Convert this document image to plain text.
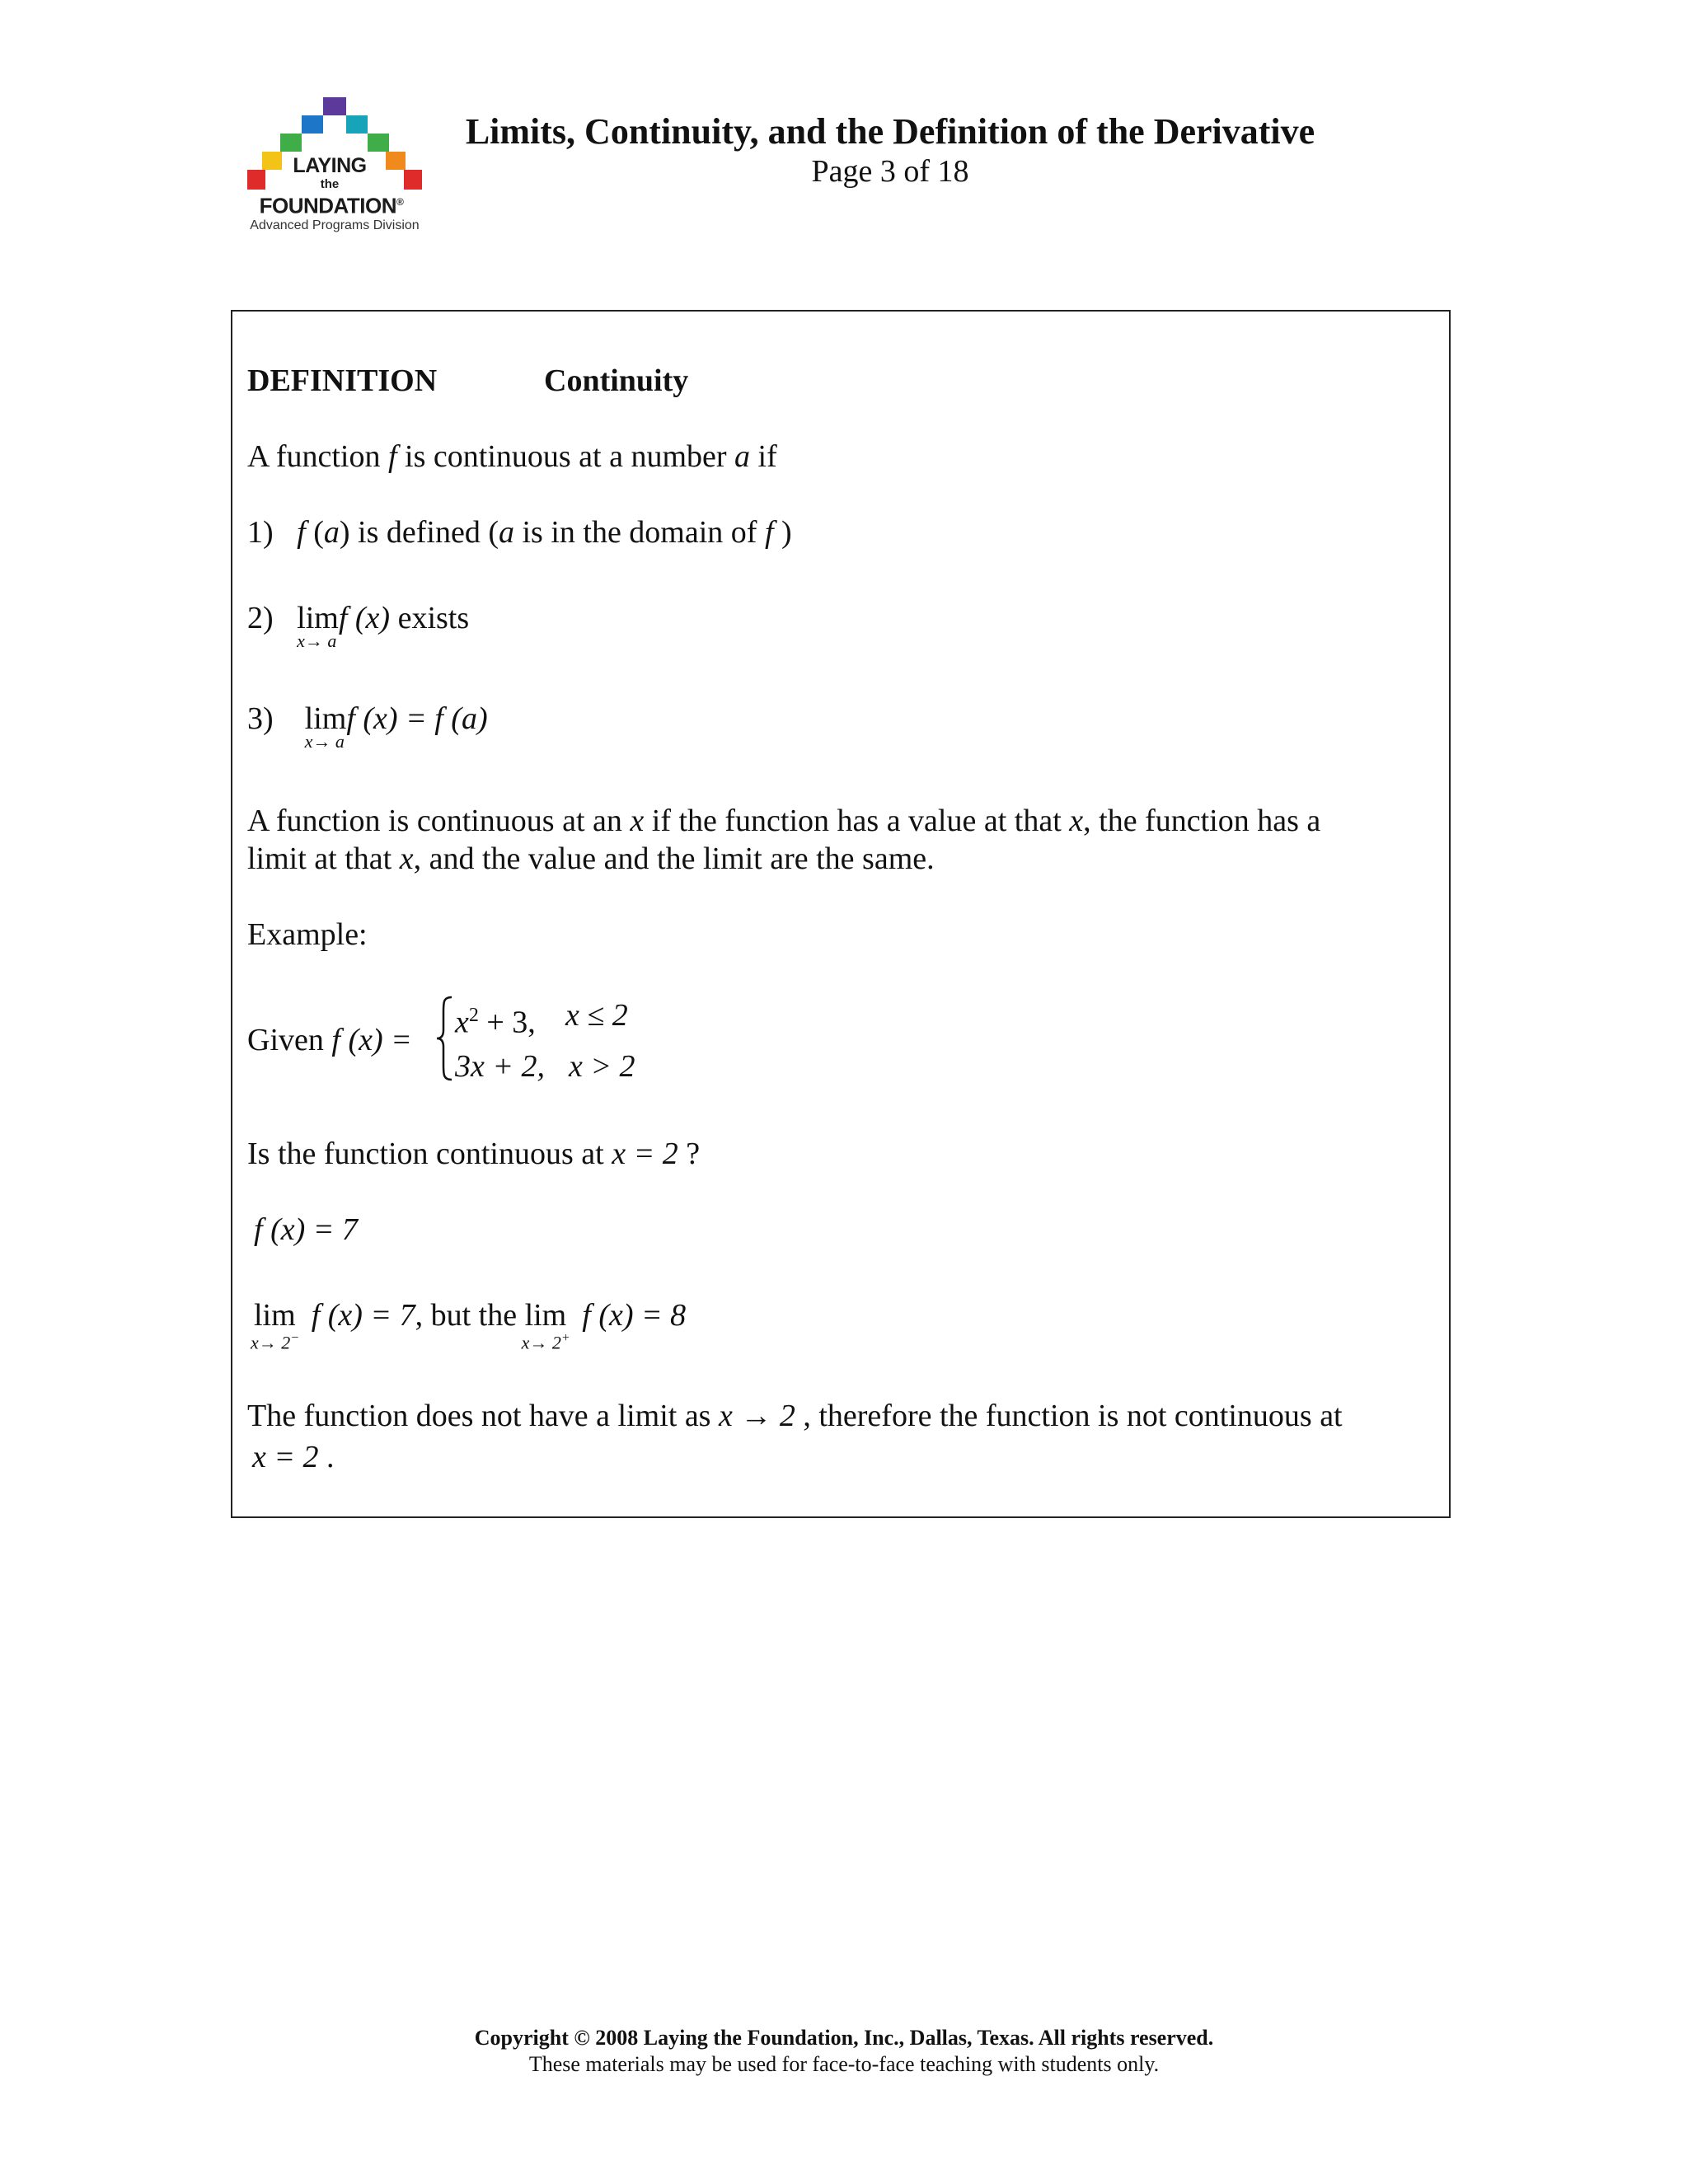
LAYING
the
FOUNDATION®
Advanced Programs Division
Limits, Continuity, and the Definition of the Derivative
Page 3 of 18
DEFINITION	Continuity
A function f is continuous at a number a if
1) f (a) is defined (a is in the domain of f )
2) lim
x→ a
f (x) exists
3) lim
x→ a
f (x) = f (a)
A function is continuous at an x if the function has a value at that x, the function has a
limit at that x, and the value and the limit are the same.
Example:
Given f (x) =
$x^2 + 3$, x ≤ 2
3x + 2, x > 2
Is the function continuous at x = 2 ?
f (x) = 7
lim
x→ 2−
f (x) = 7, but the lim
x→ 2+
f (x) = 8
The function does not have a limit as x → 2 , therefore the function is not continuous at
x = 2 .
Copyright © 2008 Laying the Foundation, Inc., Dallas, Texas. All rights reserved.
These materials may be used for face-to-face teaching with students only.
